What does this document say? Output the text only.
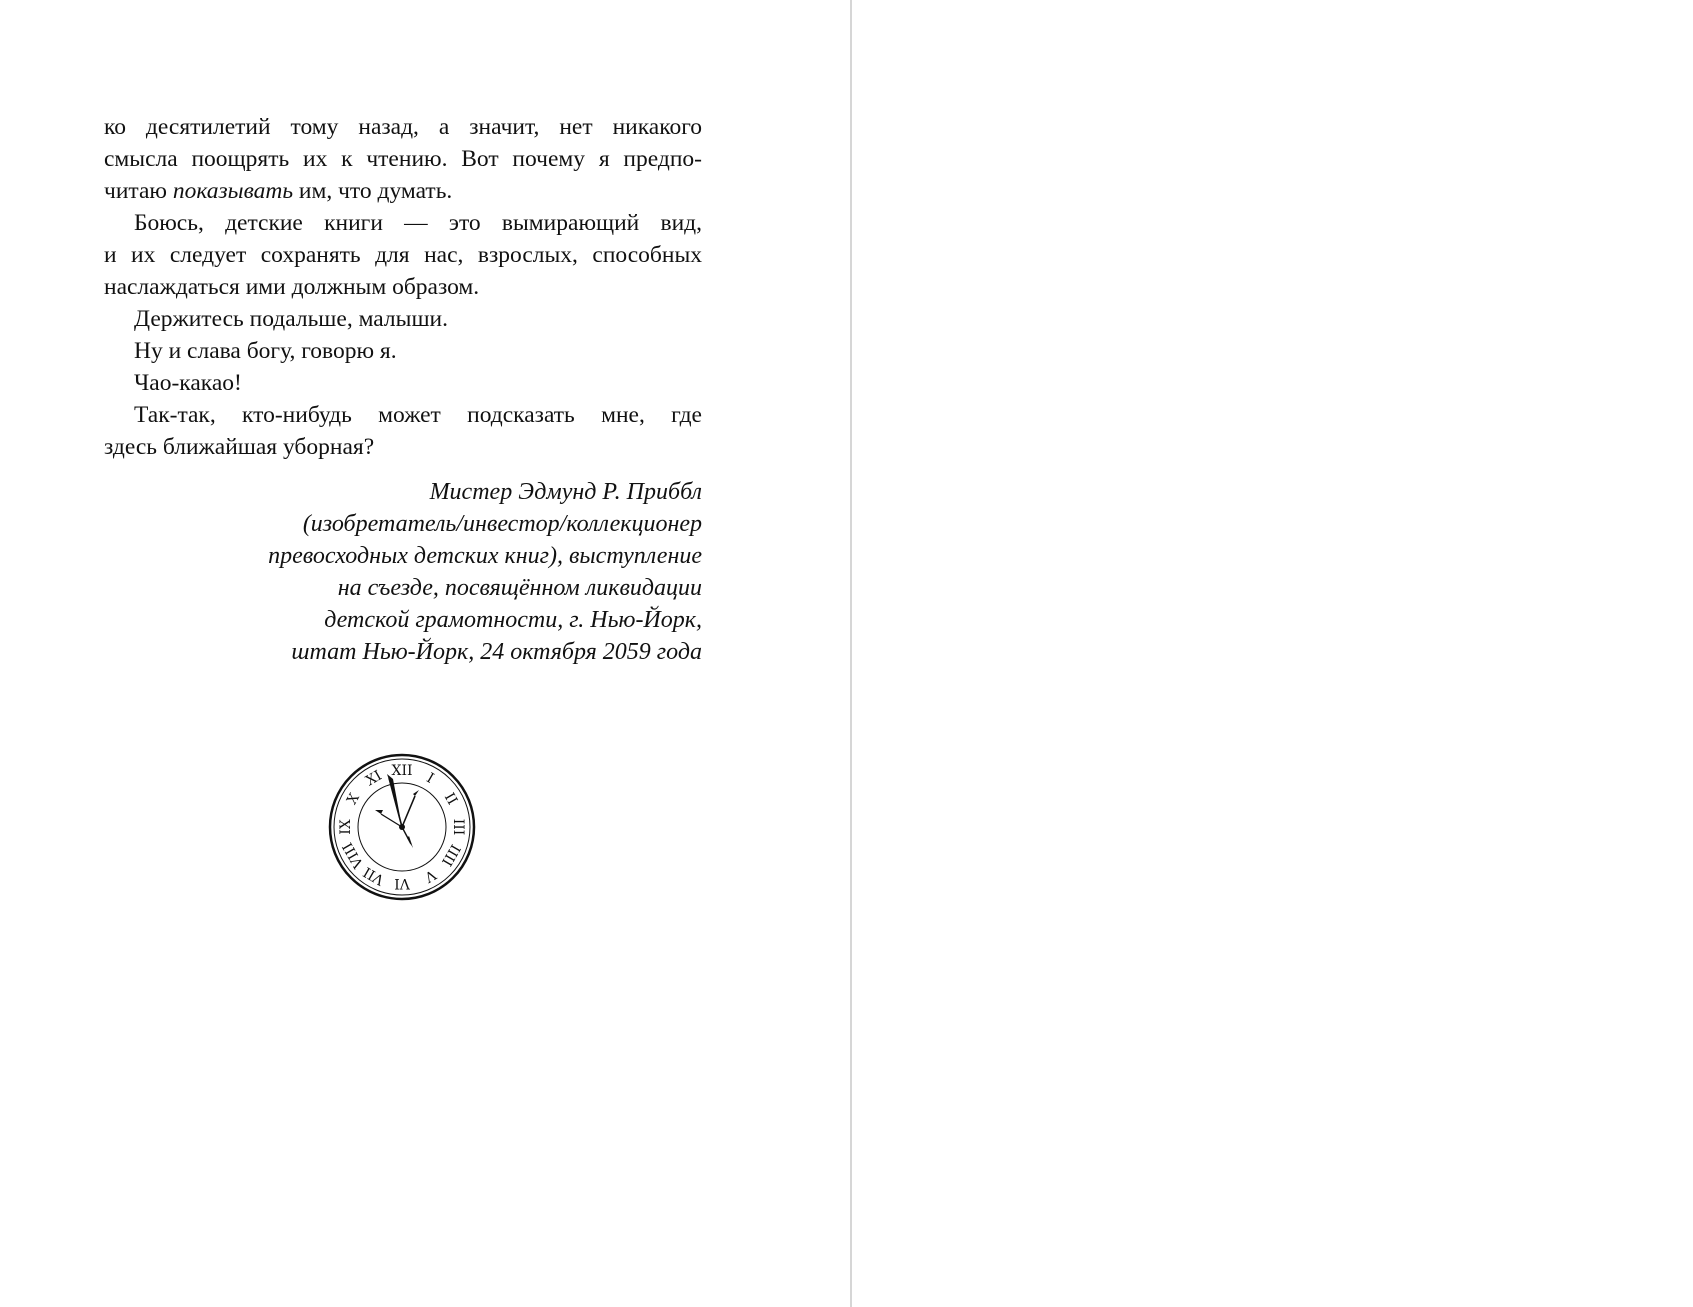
ко десятилетий тому назад, а значит, нет никакого
смысла поощрять их к чтению. Вот почему я предпо-
читаю показывать им, что думать.

Боюсь, детские книги — это вымирающий вид,
и их следует сохранять для нас, взрослых, способных
наслаждаться ими должным образом.

Держитесь подальше, малыши.

Ну и слава богу, говорю я.

Чао-какао!

Так-так, кто-нибудь может подсказать мне, где
здесь ближайшая уборная?

Мистер Эдмунд Р. Приббл
(изобретатель/инвестор/коллекционер
превосходных детских книг), выступление
на съезде, посвящённом ликвидации
детской грамотности, г. Нью-Йорк,
штат Нью-Йорк, 24 октября 2059 года
XII I
II
III
IIII
V
VI
VII
VIII
IX
X
XI
